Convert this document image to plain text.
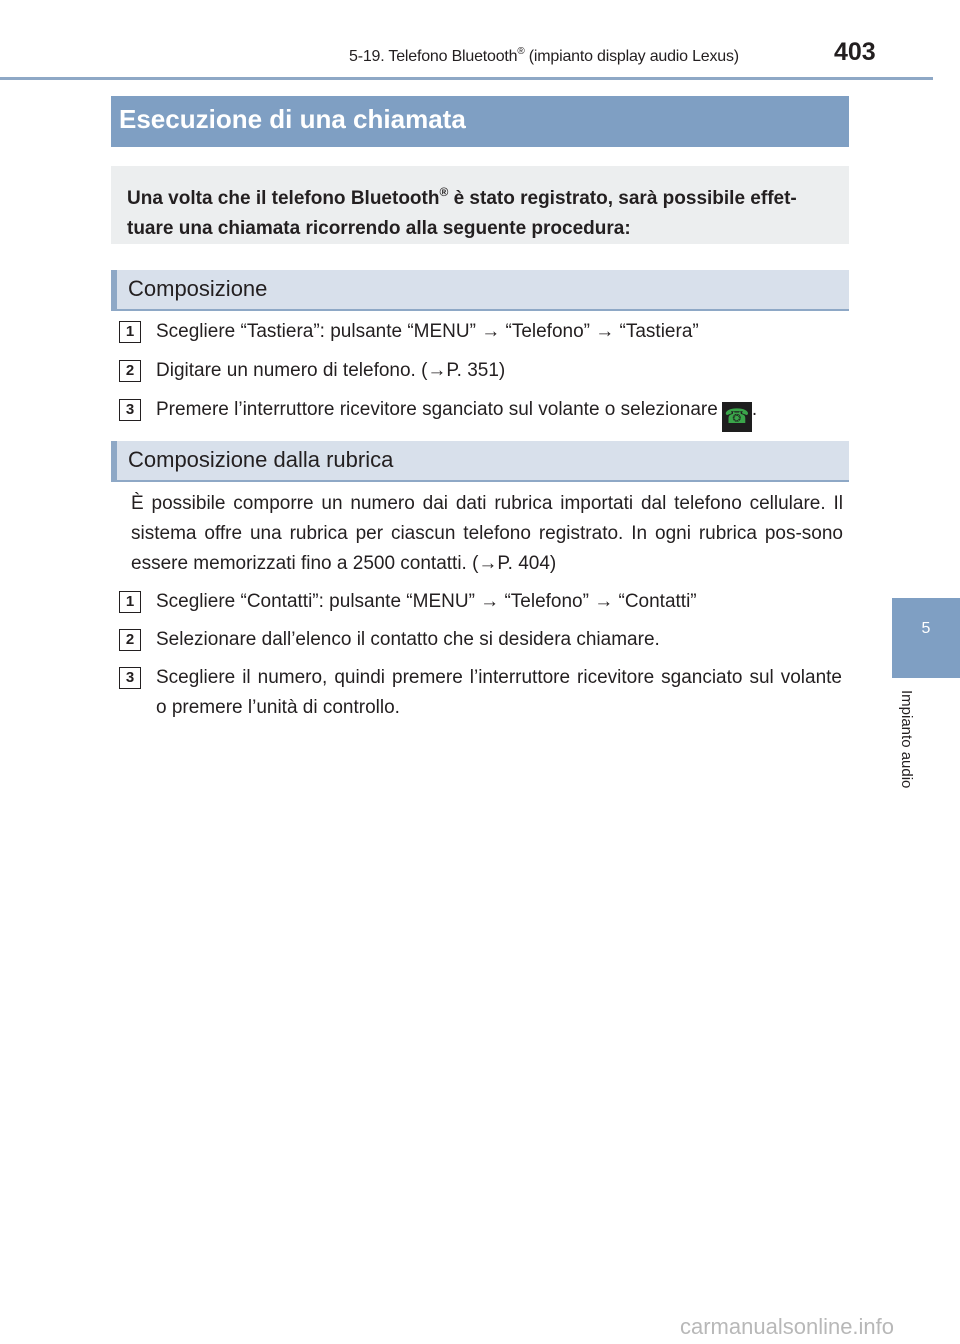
5-19. Telefono Bluetooth® (impianto display audio Lexus)	403
5
Impianto audio
Esecuzione di una chiamata

Una volta che il telefono Bluetooth® è stato registrato, sarà possibile effet-tuare una chiamata ricorrendo alla seguente procedura:

Composizione
1	Scegliere “Tastiera”: pulsante “MENU” → “Telefono” → “Tastiera”
2	Digitare un numero di telefono. (→P. 351)
3	Premere l’interruttore ricevitore sganciato sul volante o selezionare ☎ .
Composizione dalla rubrica

È possibile comporre un numero dai dati rubrica importati dal telefono cellulare. Il sistema offre una rubrica per ciascun telefono registrato. In ogni rubrica pos-sono essere memorizzati fino a 2500 contatti. (→P. 404)

1	Scegliere “Contatti”: pulsante “MENU” → “Telefono” → “Contatti”
2	Selezionare dall’elenco il contatto che si desidera chiamare.
3	Scegliere il numero, quindi premere l’interruttore ricevitore sganciato sul volante o premere l’unità di controllo.
carmanualsonline.info
